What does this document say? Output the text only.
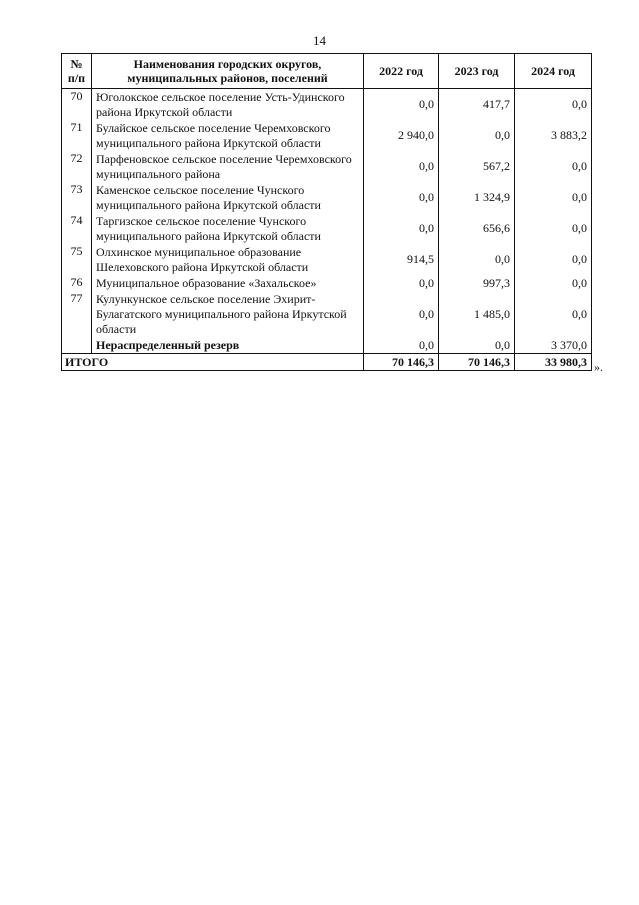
14
№ п/п	Наименования городских округов, муниципальных районов, поселений	2022 год	2023 год	2024 год
70	Юголокское сельское поселение Усть-Удинского района Иркутской области	0,0	417,7	0,0
71	Булайское сельское поселение Черемховского муниципального района Иркутской области	2 940,0	0,0	3 883,2
72	Парфеновское сельское поселение Черемховского муниципального района	0,0	567,2	0,0
73	Каменское сельское поселение Чунского муниципального района Иркутской области	0,0	1 324,9	0,0
74	Таргизское сельское поселение Чунского муниципального района Иркутской области	0,0	656,6	0,0
75	Олхинское муниципальное образование Шелеховского района Иркутской области	914,5	0,0	0,0
76	Муниципальное образование «Захальское»	0,0	997,3	0,0
77	Кулункунское сельское поселение Эхирит-Булагатского муниципального района Иркутской области	0,0	1 485,0	0,0
	Нераспределенный резерв	0,0	0,0	3 370,0
ИТОГО		70 146,3	70 146,3	33 980,3 ».
